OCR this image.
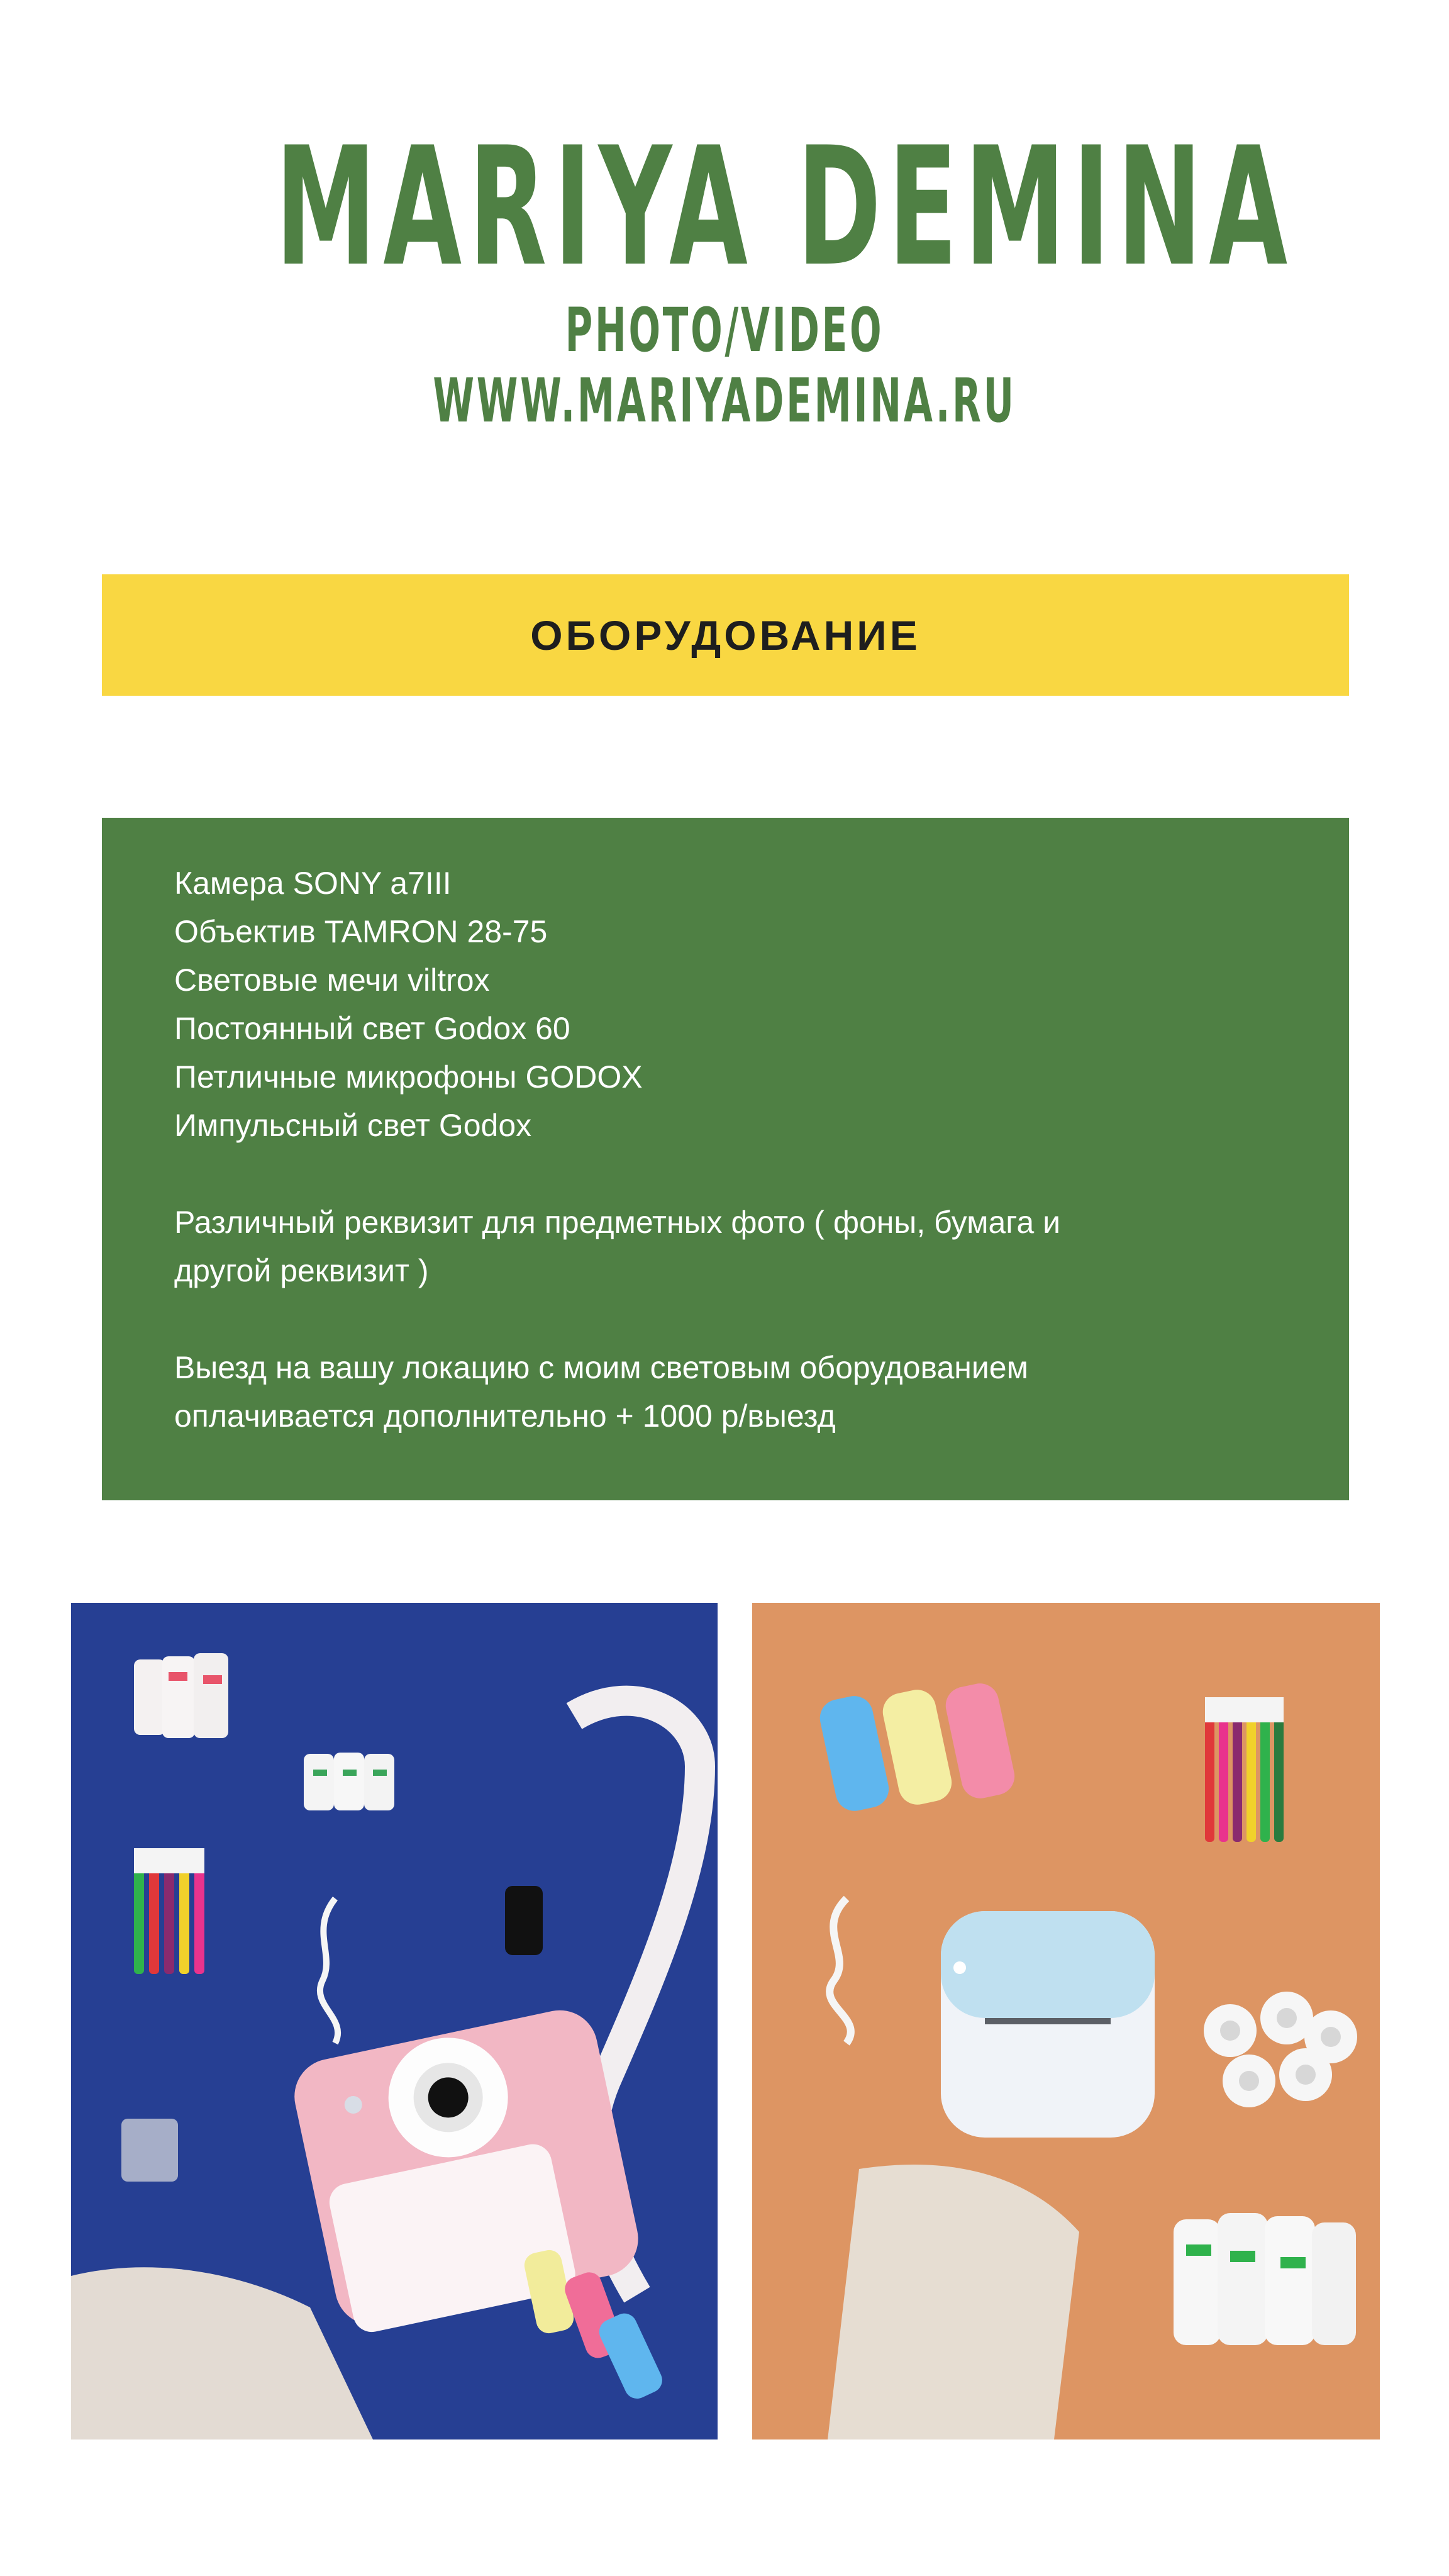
MARIYA DEMINA
PHOTO/VIDEO
WWW.MARIYADEMINA.RU
ОБОРУДОВАНИЕ
Камера SONY a7III
Объектив TAMRON 28-75
Световые мечи viltrox
Постоянный свет Godox 60
Петличные микрофоны GODOX
Импульсный свет Godox
Различный реквизит для предметных фото ( фоны, бумага и
другой реквизит )
Выезд на вашу локацию с моим световым оборудованием
оплачивается дополнительно + 1000 р/выезд
